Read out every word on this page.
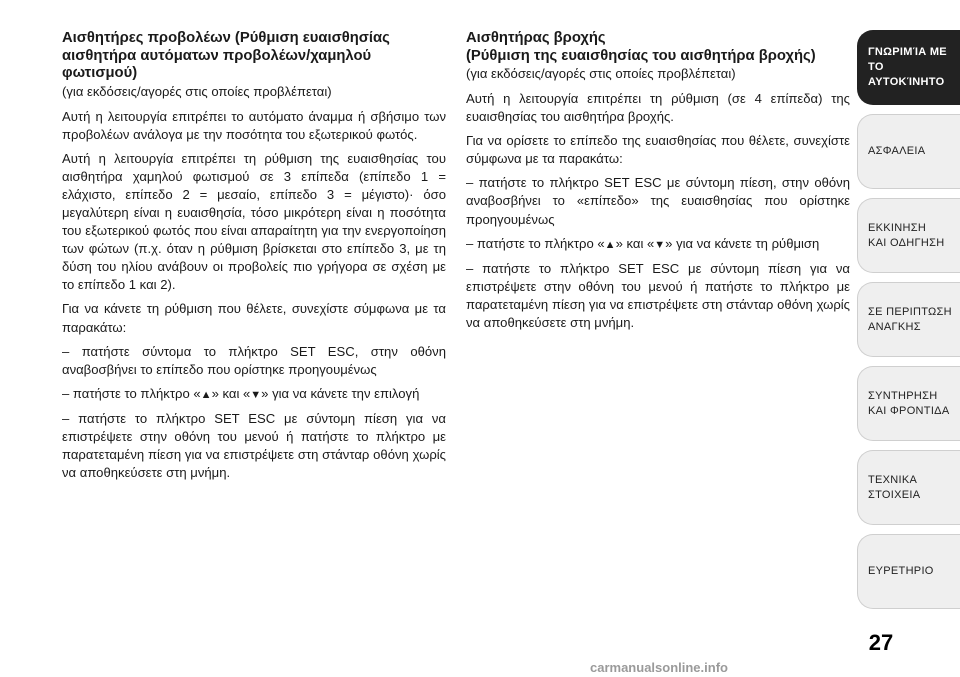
Αισθητήρες προβολέων (Ρύθμιση ευαισθησίας
αισθητήρα αυτόματων προβολέων/χαμηλού φωτισμού)
(για εκδόσεις/αγορές στις οποίες προβλέπεται)

Αυτή η λειτουργία επιτρέπει το αυτόματο άναμμα ή σβήσιμο των προβολέων ανάλογα με την ποσότητα του εξωτερικού φωτός.

Αυτή η λειτουργία επιτρέπει τη ρύθμιση της ευαισθησίας του αισθητήρα χαμηλού φωτισμού σε 3 επίπεδα (επίπεδο 1 = ελάχιστο, επίπεδο 2 = μεσαίο, επίπεδο 3 = μέγιστο)· όσο μεγαλύτερη είναι η ευαισθησία, τόσο μικρότερη είναι η ποσότητα του εξωτερικού φωτός που είναι απαραίτητη για την ενεργοποίηση των φώτων (π.χ. όταν η ρύθμιση βρίσκεται στο επίπεδο 3, με τη δύση του ηλίου ανάβουν οι προβολείς πιο γρήγορα σε σχέση με το επίπεδο 1 και 2).

Για να κάνετε τη ρύθμιση που θέλετε, συνεχίστε σύμφωνα με τα παρακάτω:

– πατήστε σύντομα το πλήκτρο SET ESC, στην οθόνη αναβοσβήνει το επίπεδο που ορίστηκε προηγουμένως

– πατήστε το πλήκτρο «▲» και «▼» για να κάνετε την επιλογή

– πατήστε το πλήκτρο SET ESC με σύντομη πίεση για να επιστρέψετε στην οθόνη του μενού ή πατήστε το πλήκτρο με παρατεταμένη πίεση για να επιστρέψετε στη στάνταρ οθόνη χωρίς να αποθηκεύσετε στη μνήμη.

Αισθητήρας βροχής
(Ρύθμιση της ευαισθησίας του αισθητήρα βροχής)
(για εκδόσεις/αγορές στις οποίες προβλέπεται)

Αυτή η λειτουργία επιτρέπει τη ρύθμιση (σε 4 επίπεδα) της ευαισθησίας του αισθητήρα βροχής.

Για να ορίσετε το επίπεδο της ευαισθησίας που θέλετε, συνεχίστε σύμφωνα με τα παρακάτω:

– πατήστε το πλήκτρο SET ESC με σύντομη πίεση, στην οθόνη αναβοσβήνει το «επίπεδο» της ευαισθησίας που ορίστηκε προηγουμένως

– πατήστε το πλήκτρο «▲» και «▼» για να κάνετε τη ρύθμιση

– πατήστε το πλήκτρο SET ESC με σύντομη πίεση για να επιστρέψετε στην οθόνη του μενού ή πατήστε το πλήκτρο με παρατεταμένη πίεση για να επιστρέψετε στη στάνταρ οθόνη χωρίς να αποθηκεύσετε στη μνήμη.

ΓΝΩΡΙΜΊΑ ΜΕ ΤΟ
ΑΥΤΟΚΊΝΗΤΟ
ΑΣΦΑΛΕΙΑ
ΕΚΚΙΝΗΣΗ
ΚΑΙ ΟΔΗΓΗΣΗ
ΣΕ ΠΕΡΙΠΤΩΣΗ
ΑΝΑΓΚΗΣ
ΣΥΝΤΗΡΗΣΗ
ΚΑΙ ΦΡΟΝΤΙΔΑ
ΤΕΧΝΙΚΑ
ΣΤΟΙΧΕΙΑ
ΕΥΡΕΤΗΡΙΟ
27
carmanualsonline.info
